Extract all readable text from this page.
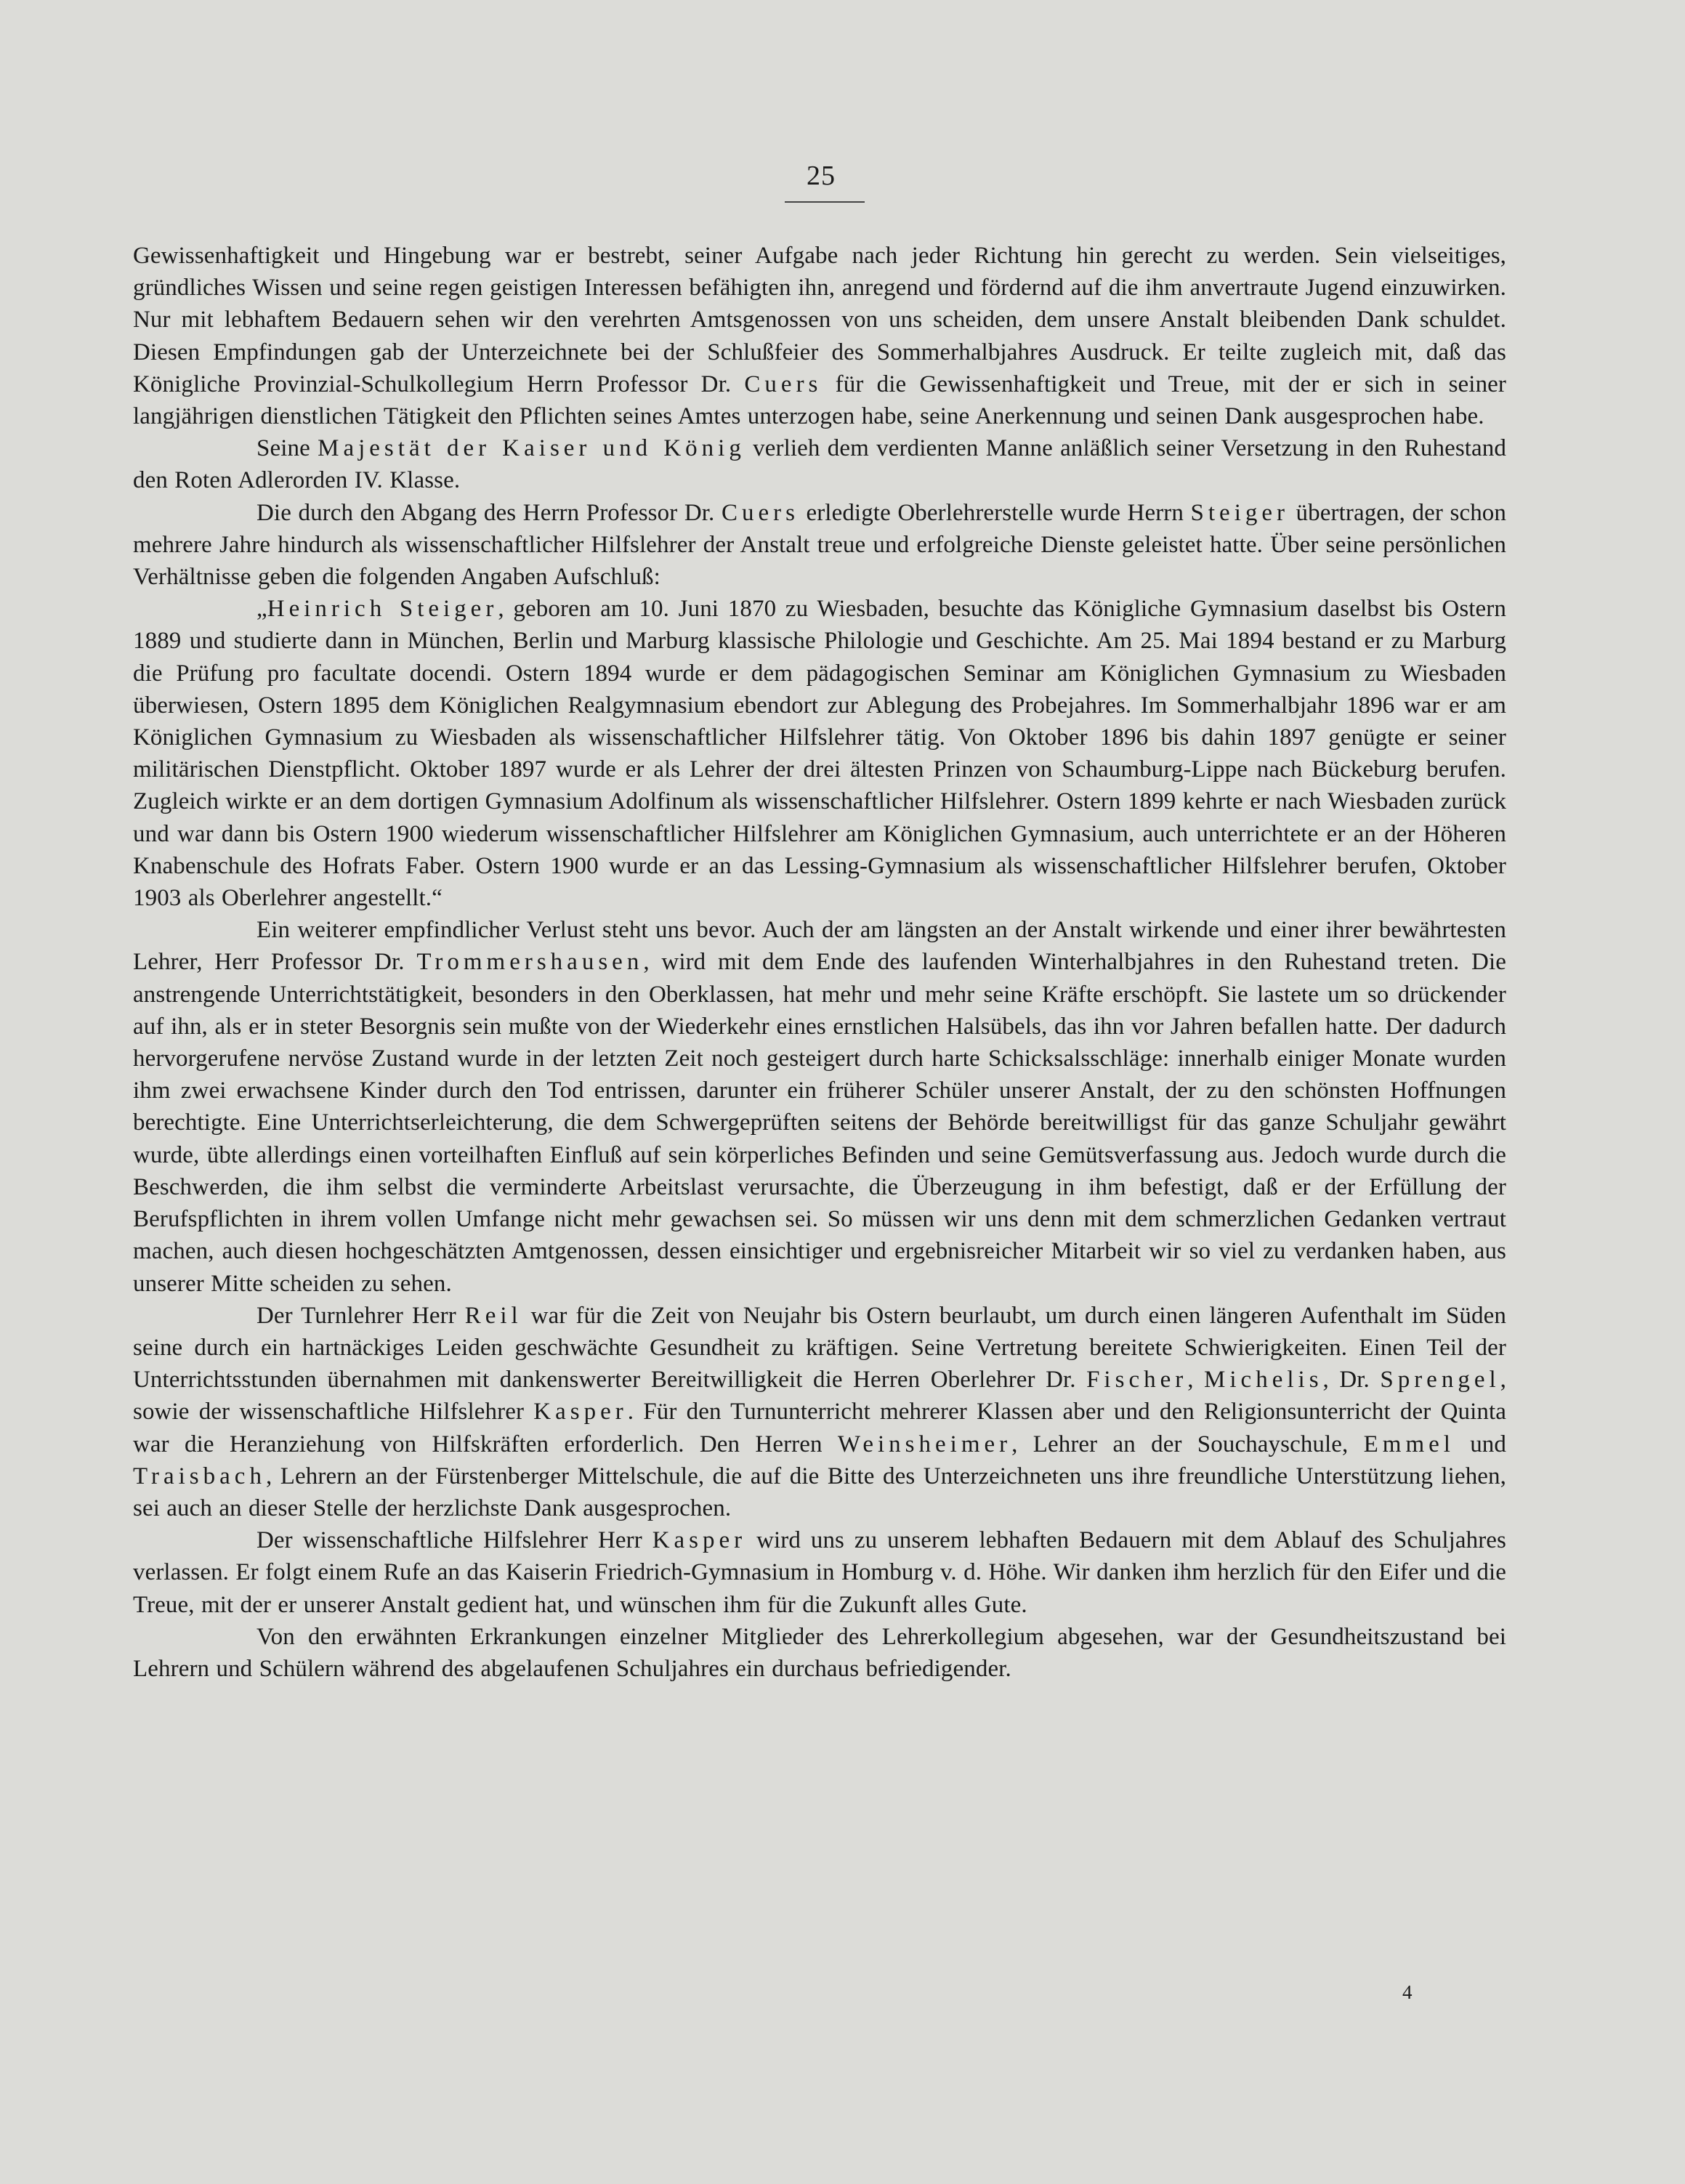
25

Gewissenhaftigkeit und Hingebung war er bestrebt, seiner Aufgabe nach jeder Richtung hin gerecht zu werden. Sein vielseitiges, gründliches Wissen und seine regen geistigen Interessen befähigten ihn, anregend und fördernd auf die ihm anvertraute Jugend einzuwirken. Nur mit lebhaftem Bedauern sehen wir den verehrten Amtsgenossen von uns scheiden, dem unsere Anstalt bleibenden Dank schuldet. Diesen Empfindungen gab der Unterzeichnete bei der Schlußfeier des Sommerhalbjahres Ausdruck. Er teilte zugleich mit, daß das Königliche Provinzial-Schulkollegium Herrn Professor Dr. Cuers für die Gewissenhaftigkeit und Treue, mit der er sich in seiner langjährigen dienstlichen Tätigkeit den Pflichten seines Amtes unterzogen habe, seine Anerkennung und seinen Dank ausgesprochen habe.

Seine Majestät der Kaiser und König verlieh dem verdienten Manne anläßlich seiner Versetzung in den Ruhestand den Roten Adlerorden IV. Klasse.

Die durch den Abgang des Herrn Professor Dr. Cuers erledigte Oberlehrerstelle wurde Herrn Steiger übertragen, der schon mehrere Jahre hindurch als wissenschaftlicher Hilfslehrer der Anstalt treue und erfolgreiche Dienste geleistet hatte. Über seine persönlichen Verhältnisse geben die folgenden Angaben Aufschluß:

„Heinrich Steiger, geboren am 10. Juni 1870 zu Wiesbaden, besuchte das Königliche Gymnasium daselbst bis Ostern 1889 und studierte dann in München, Berlin und Marburg klassische Philologie und Geschichte. Am 25. Mai 1894 bestand er zu Marburg die Prüfung pro facultate docendi. Ostern 1894 wurde er dem pädagogischen Seminar am Königlichen Gymnasium zu Wiesbaden überwiesen, Ostern 1895 dem Königlichen Realgymnasium ebendort zur Ablegung des Probejahres. Im Sommerhalbjahr 1896 war er am Königlichen Gymnasium zu Wiesbaden als wissenschaftlicher Hilfslehrer tätig. Von Oktober 1896 bis dahin 1897 genügte er seiner militärischen Dienstpflicht. Oktober 1897 wurde er als Lehrer der drei ältesten Prinzen von Schaumburg-Lippe nach Bückeburg berufen. Zugleich wirkte er an dem dortigen Gymnasium Adolfinum als wissenschaftlicher Hilfslehrer. Ostern 1899 kehrte er nach Wiesbaden zurück und war dann bis Ostern 1900 wiederum wissenschaftlicher Hilfslehrer am Königlichen Gymnasium, auch unterrichtete er an der Höheren Knabenschule des Hofrats Faber. Ostern 1900 wurde er an das Lessing-Gymnasium als wissenschaftlicher Hilfslehrer berufen, Oktober 1903 als Oberlehrer angestellt.“

Ein weiterer empfindlicher Verlust steht uns bevor. Auch der am längsten an der Anstalt wirkende und einer ihrer bewährtesten Lehrer, Herr Professor Dr. Trommershausen, wird mit dem Ende des laufenden Winterhalbjahres in den Ruhestand treten. Die anstrengende Unterrichtstätigkeit, besonders in den Oberklassen, hat mehr und mehr seine Kräfte erschöpft. Sie lastete um so drückender auf ihn, als er in steter Besorgnis sein mußte von der Wiederkehr eines ernstlichen Halsübels, das ihn vor Jahren befallen hatte. Der dadurch hervorgerufene nervöse Zustand wurde in der letzten Zeit noch gesteigert durch harte Schicksalsschläge: innerhalb einiger Monate wurden ihm zwei erwachsene Kinder durch den Tod entrissen, darunter ein früherer Schüler unserer Anstalt, der zu den schönsten Hoffnungen berechtigte. Eine Unterrichtserleichterung, die dem Schwergeprüften seitens der Behörde bereitwilligst für das ganze Schuljahr gewährt wurde, übte allerdings einen vorteilhaften Einfluß auf sein körperliches Befinden und seine Gemütsverfassung aus. Jedoch wurde durch die Beschwerden, die ihm selbst die verminderte Arbeitslast verursachte, die Überzeugung in ihm befestigt, daß er der Erfüllung der Berufspflichten in ihrem vollen Umfange nicht mehr gewachsen sei. So müssen wir uns denn mit dem schmerzlichen Gedanken vertraut machen, auch diesen hochgeschätzten Amtgenossen, dessen einsichtiger und ergebnisreicher Mitarbeit wir so viel zu verdanken haben, aus unserer Mitte scheiden zu sehen.

Der Turnlehrer Herr Reil war für die Zeit von Neujahr bis Ostern beurlaubt, um durch einen längeren Aufenthalt im Süden seine durch ein hartnäckiges Leiden geschwächte Gesundheit zu kräftigen. Seine Vertretung bereitete Schwierigkeiten. Einen Teil der Unterrichtsstunden übernahmen mit dankenswerter Bereitwilligkeit die Herren Oberlehrer Dr. Fischer, Michelis, Dr. Sprengel, sowie der wissenschaftliche Hilfslehrer Kasper. Für den Turnunterricht mehrerer Klassen aber und den Religionsunterricht der Quinta war die Heranziehung von Hilfskräften erforderlich. Den Herren Weinsheimer, Lehrer an der Souchayschule, Emmel und Traisbach, Lehrern an der Fürstenberger Mittelschule, die auf die Bitte des Unterzeichneten uns ihre freundliche Unterstützung liehen, sei auch an dieser Stelle der herzlichste Dank ausgesprochen.

Der wissenschaftliche Hilfslehrer Herr Kasper wird uns zu unserem lebhaften Bedauern mit dem Ablauf des Schuljahres verlassen. Er folgt einem Rufe an das Kaiserin Friedrich-Gymnasium in Homburg v. d. Höhe. Wir danken ihm herzlich für den Eifer und die Treue, mit der er unserer Anstalt gedient hat, und wünschen ihm für die Zukunft alles Gute.

Von den erwähnten Erkrankungen einzelner Mitglieder des Lehrerkollegium abgesehen, war der Gesundheitszustand bei Lehrern und Schülern während des abgelaufenen Schuljahres ein durchaus befriedigender.

4
